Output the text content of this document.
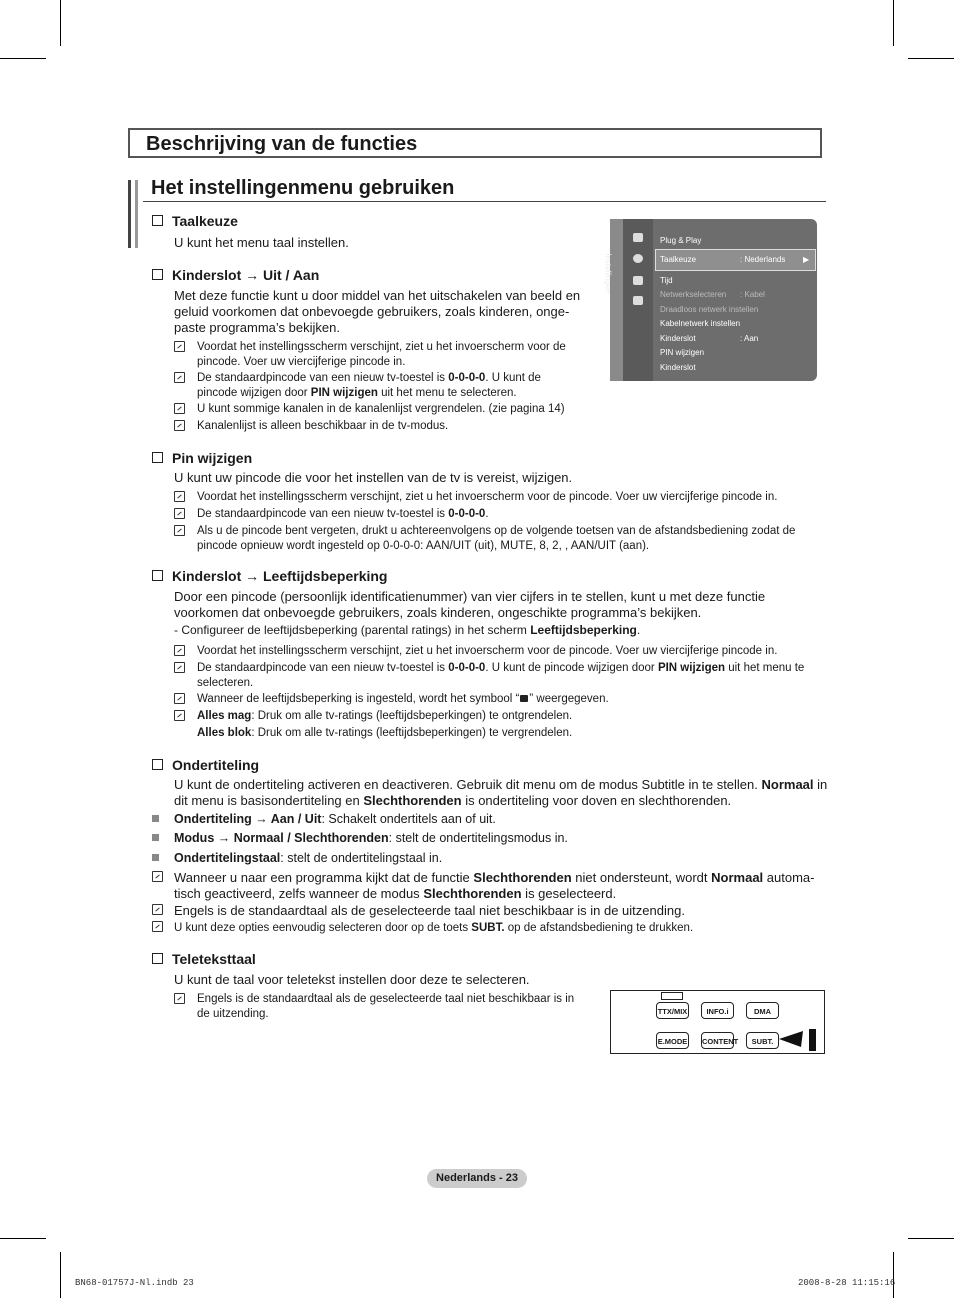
Beschrijving van de functies
Het instellingenmenu gebruiken
Taalkeuze
U kunt het menu taal instellen.
Kinderslot → Uit / Aan
Met deze functie kunt u door middel van het uitschakelen van beeld en
geluid voorkomen dat onbevoegde gebruikers, zoals kinderen, onge-
paste programma’s bekijken.
Voordat het instellingsscherm verschijnt, ziet u het invoerscherm voor de
pincode. Voer uw viercijferige pincode in.
De standaardpincode van een nieuw tv-toestel is 0-0-0-0. U kunt de
pincode wijzigen door PIN wijzigen uit het menu te selecteren.
U kunt sommige kanalen in de kanalenlijst vergrendelen. (zie pagina 14)
Kanalenlijst is alleen beschikbaar in de tv-modus.
Instellingen
Plug & Play
Taalkeuze	: Nederlands ▶
Tijd
Netwerkselecteren : Kabel
Draadloos netwerk instellen
Kabelnetwerk instellen
Kinderslot	: Aan
PIN wijzigen
Kinderslot
Pin wijzigen
U kunt uw pincode die voor het instellen van de tv is vereist, wijzigen.
Voordat het instellingsscherm verschijnt, ziet u het invoerscherm voor de pincode. Voer uw viercijferige pincode in.
De standaardpincode van een nieuw tv-toestel is 0-0-0-0.
Als u de pincode bent vergeten, drukt u achtereenvolgens op de volgende toetsen van de afstandsbediening zodat de
pincode opnieuw wordt ingesteld op 0-0-0-0: AAN/UIT (uit), MUTE, 8, 2, , AAN/UIT (aan).
Kinderslot → Leeftijdsbeperking
Door een pincode (persoonlijk identificatienummer) van vier cijfers in te stellen, kunt u met deze functie
voorkomen dat onbevoegde gebruikers, zoals kinderen, ongeschikte programma’s bekijken.
- Configureer de leeftijdsbeperking (parental ratings) in het scherm Leeftijdsbeperking.
Voordat het instellingsscherm verschijnt, ziet u het invoerscherm voor de pincode. Voer uw viercijferige pincode in.
De standaardpincode van een nieuw tv-toestel is 0-0-0-0. U kunt de pincode wijzigen door PIN wijzigen uit het menu te
selecteren.
Wanneer de leeftijdsbeperking is ingesteld, wordt het symbool “ ” weergegeven.
Alles mag: Druk om alle tv-ratings (leeftijdsbeperkingen) te ontgrendelen.
Alles blok: Druk om alle tv-ratings (leeftijdsbeperkingen) te vergrendelen.
Ondertiteling
U kunt de ondertiteling activeren en deactiveren. Gebruik dit menu om de modus Subtitle in te stellen. Normaal in
dit menu is basisondertiteling en Slechthorenden is ondertiteling voor doven en slechthorenden.
Ondertiteling → Aan / Uit: Schakelt ondertitels aan of uit.
Modus → Normaal / Slechthorenden: stelt de ondertitelingsmodus in.
Ondertitelingstaal: stelt de ondertitelingstaal in.
Wanneer u naar een programma kijkt dat de functie Slechthorenden niet ondersteunt, wordt Normaal automa-
tisch geactiveerd, zelfs wanneer de modus Slechthorenden is geselecteerd.
Engels is de standaardtaal als de geselecteerde taal niet beschikbaar is in de uitzending.
U kunt deze opties eenvoudig selecteren door op de toets SUBT. op de afstandsbediening te drukken.
Teleteksttaal
U kunt de taal voor teletekst instellen door deze te selecteren.
Engels is de standaardtaal als de geselecteerde taal niet beschikbaar is in
de uitzending.	TTX/MIX	INFO.i	DMA
E.MODE CONTENT	SUBT.
Nederlands - 23
BN68-01757J-Nl.indb 23	2008-8-28 11:15:16
